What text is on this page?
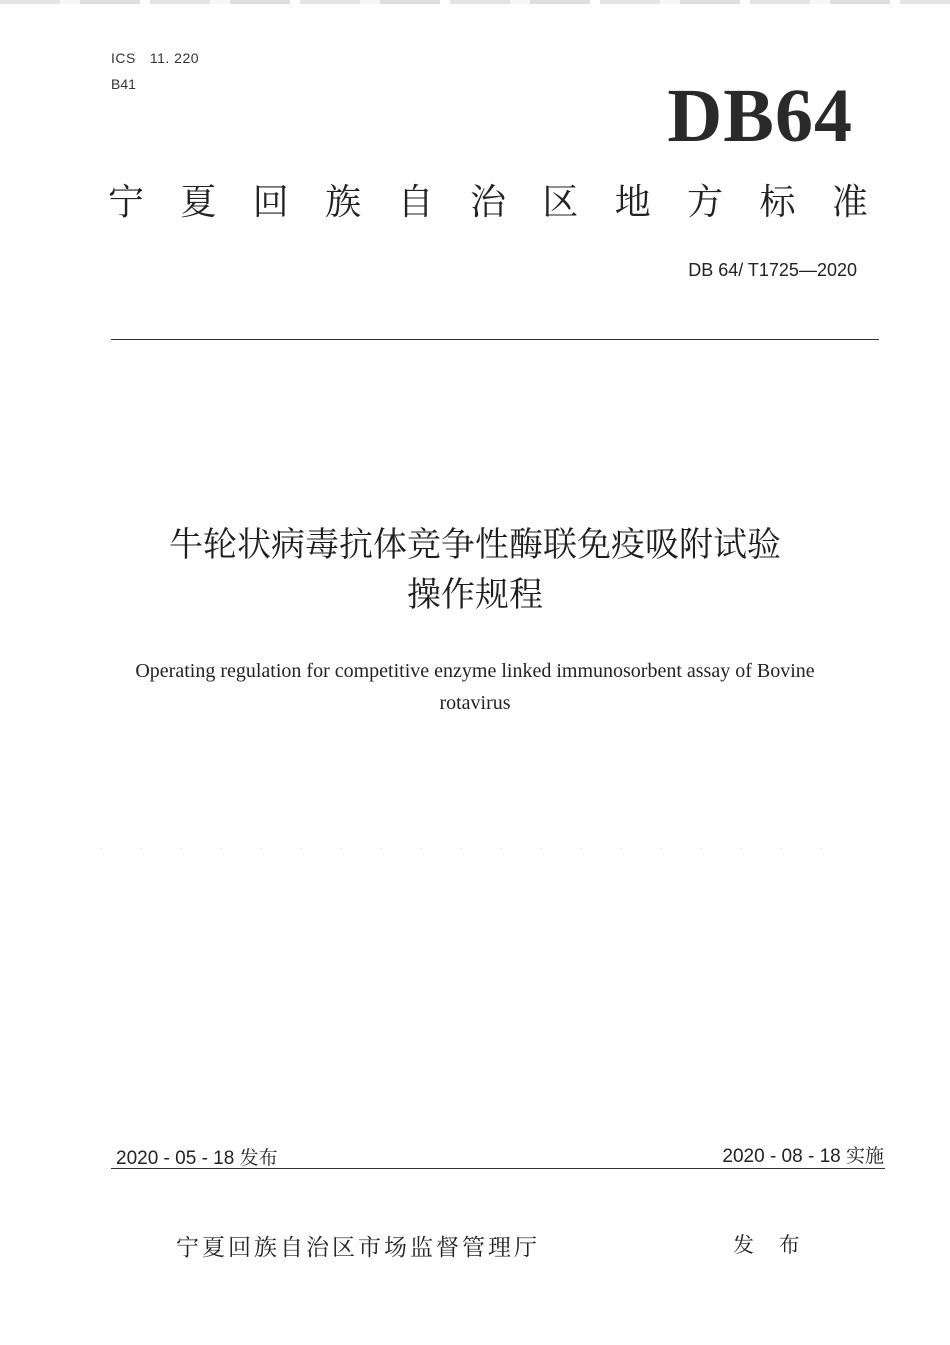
ICS 11. 220
B41	DB64
宁 夏 回 族 自 治 区 地 方 标 准
DB 64/ T1725—2020
牛轮状病毒抗体竞争性酶联免疫吸附试验
操作规程
Operating regulation for competitive enzyme linked immunosorbent assay of Bovine
rotavirus
2020 - 05 - 18 发布	2020 - 08 - 18 实施
宁夏回族自治区市场监督管理厅	发 布
